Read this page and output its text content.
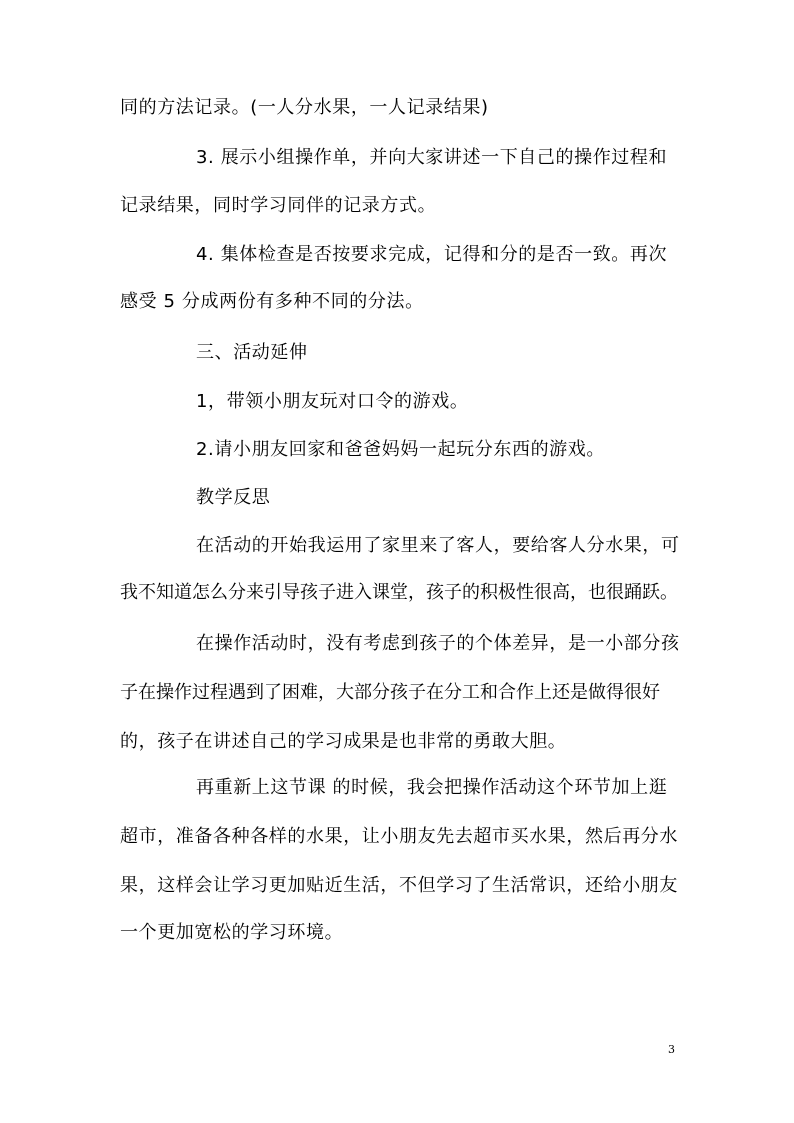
同的方法记录。(一人分水果，一人记录结果)
3. 展示小组操作单，并向大家讲述一下自己的操作过程和
记录结果，同时学习同伴的记录方式。
4. 集体检查是否按要求完成，记得和分的是否一致。再次
感受 5 分成两份有多种不同的分法。
三、活动延伸
1，带领小朋友玩对口令的游戏。
2.请小朋友回家和爸爸妈妈一起玩分东西的游戏。
教学反思
在活动的开始我运用了家里来了客人，要给客人分水果，可
我不知道怎么分来引导孩子进入课堂，孩子的积极性很高，也很踊跃。
在操作活动时，没有考虑到孩子的个体差异，是一小部分孩
子在操作过程遇到了困难，大部分孩子在分工和合作上还是做得很好
的，孩子在讲述自己的学习成果是也非常的勇敢大胆。
再重新上这节课 的时候，我会把操作活动这个环节加上逛
超市，准备各种各样的水果，让小朋友先去超市买水果，然后再分水
果，这样会让学习更加贴近生活，不但学习了生活常识，还给小朋友
一个更加宽松的学习环境。
3
